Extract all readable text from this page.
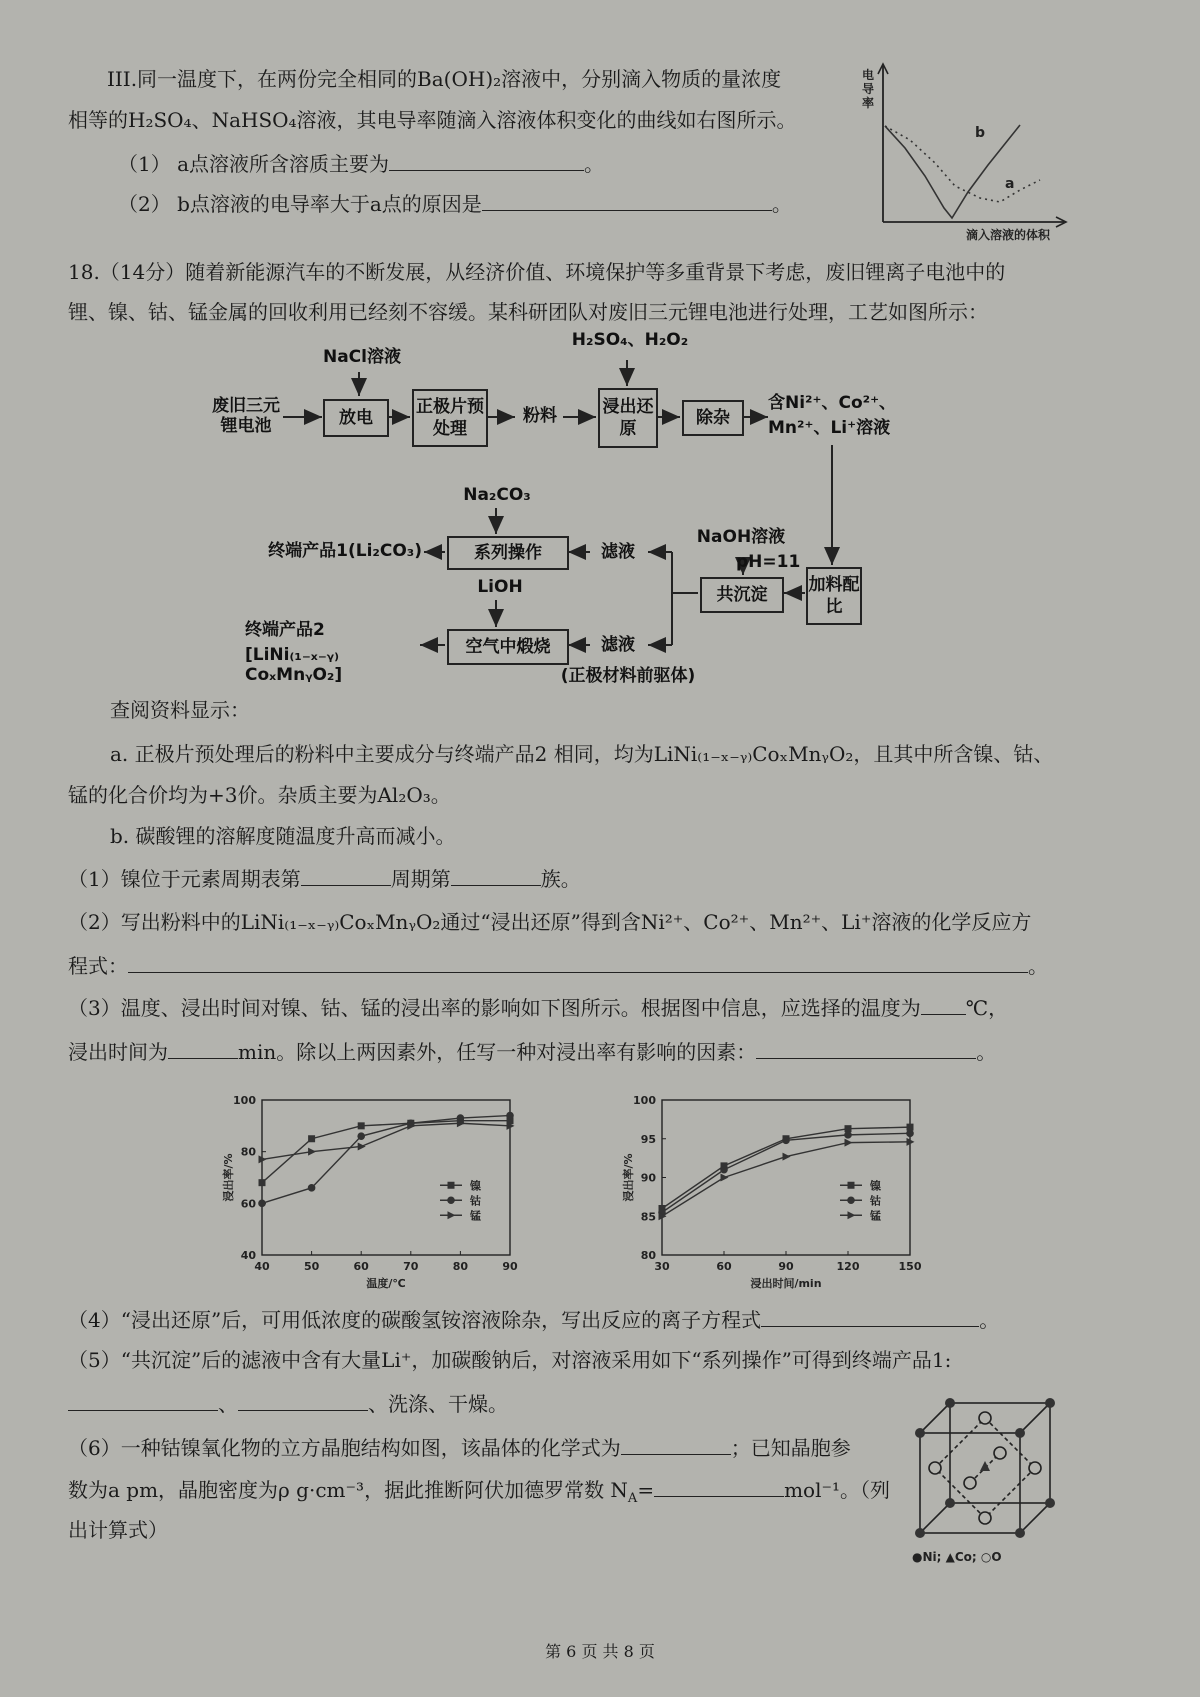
III.同一温度下，在两份完全相同的Ba(OH)₂溶液中，分别滴入物质的量浓度
相等的H₂SO₄、NaHSO₄溶液，其电导率随滴入溶液体积变化的曲线如右图所示。
（1） a点溶液所含溶质主要为	。
（2） b点溶液的电导率大于a点的原因是	。
电导率
滴入溶液的体积
b
a
18.（14分）随着新能源汽车的不断发展，从经济价值、环境保护等多重背景下考虑，废旧锂离子电池中的
锂、镍、钴、锰金属的回收利用已经刻不容缓。某科研团队对废旧三元锂电池进行处理，工艺如图所示：
废旧三元锂电池
NaCl溶液
放电
正极片预处理
粉料
H₂SO₄、H₂O₂
浸出还原
除杂
含Ni²⁺、Co²⁺、
Mn²⁺、Li⁺溶液
加料配比
NaOH溶液
pH=11
共沉淀
滤液
Na₂CO₃
系列操作
终端产品1(Li₂CO₃)
LiOH
滤液
空气中煅烧
(正极材料前驱体)
终端产品2
[LiNi₍₁₋ₓ₋ᵧ₎CoₓMnᵧO₂]
查阅资料显示：
a. 正极片预处理后的粉料中主要成分与终端产品2 相同，均为LiNi₍₁₋ₓ₋ᵧ₎CoₓMnᵧO₂，且其中所含镍、钴、
锰的化合价均为+3价。杂质主要为Al₂O₃。
b. 碳酸锂的溶解度随温度升高而减小。
（1）镍位于元素周期表第	周期第	族。
（2）写出粉料中的LiNi₍₁₋ₓ₋ᵧ₎CoₓMnᵧO₂通过“浸出还原”得到含Ni²⁺、Co²⁺、Mn²⁺、Li⁺溶液的化学反应方
程式：	。
（3）温度、浸出时间对镍、钴、锰的浸出率的影响如下图所示。根据图中信息，应选择的温度为 ℃，
浸出时间为	min。除以上两因素外，任写一种对浸出率有影响的因素：	。
40
60
80
100
40	50	60	70	80	90
温度/℃
浸出率/%	镍
钴
锰
80
85
90
95
100
30	60	90	120	150
浸出时间/min
浸出率/%	镍
钴
锰
（4）“浸出还原”后，可用低浓度的碳酸氢铵溶液除杂，写出反应的离子方程式	。
（5）“共沉淀”后的滤液中含有大量Li⁺，加碳酸钠后，对溶液采用如下“系列操作”可得到终端产品1:
、	、洗涤、干燥。
（6）一种钴镍氧化物的立方晶胞结构如图，该晶体的化学式为	；已知晶胞参
数为a pm，晶胞密度为ρ g·cm⁻³，据此推断阿伏加德罗常数 $N_A=$	mol⁻¹。（列
出计算式）
●Ni; ▲Co; ○O
第 6 页 共 8 页
